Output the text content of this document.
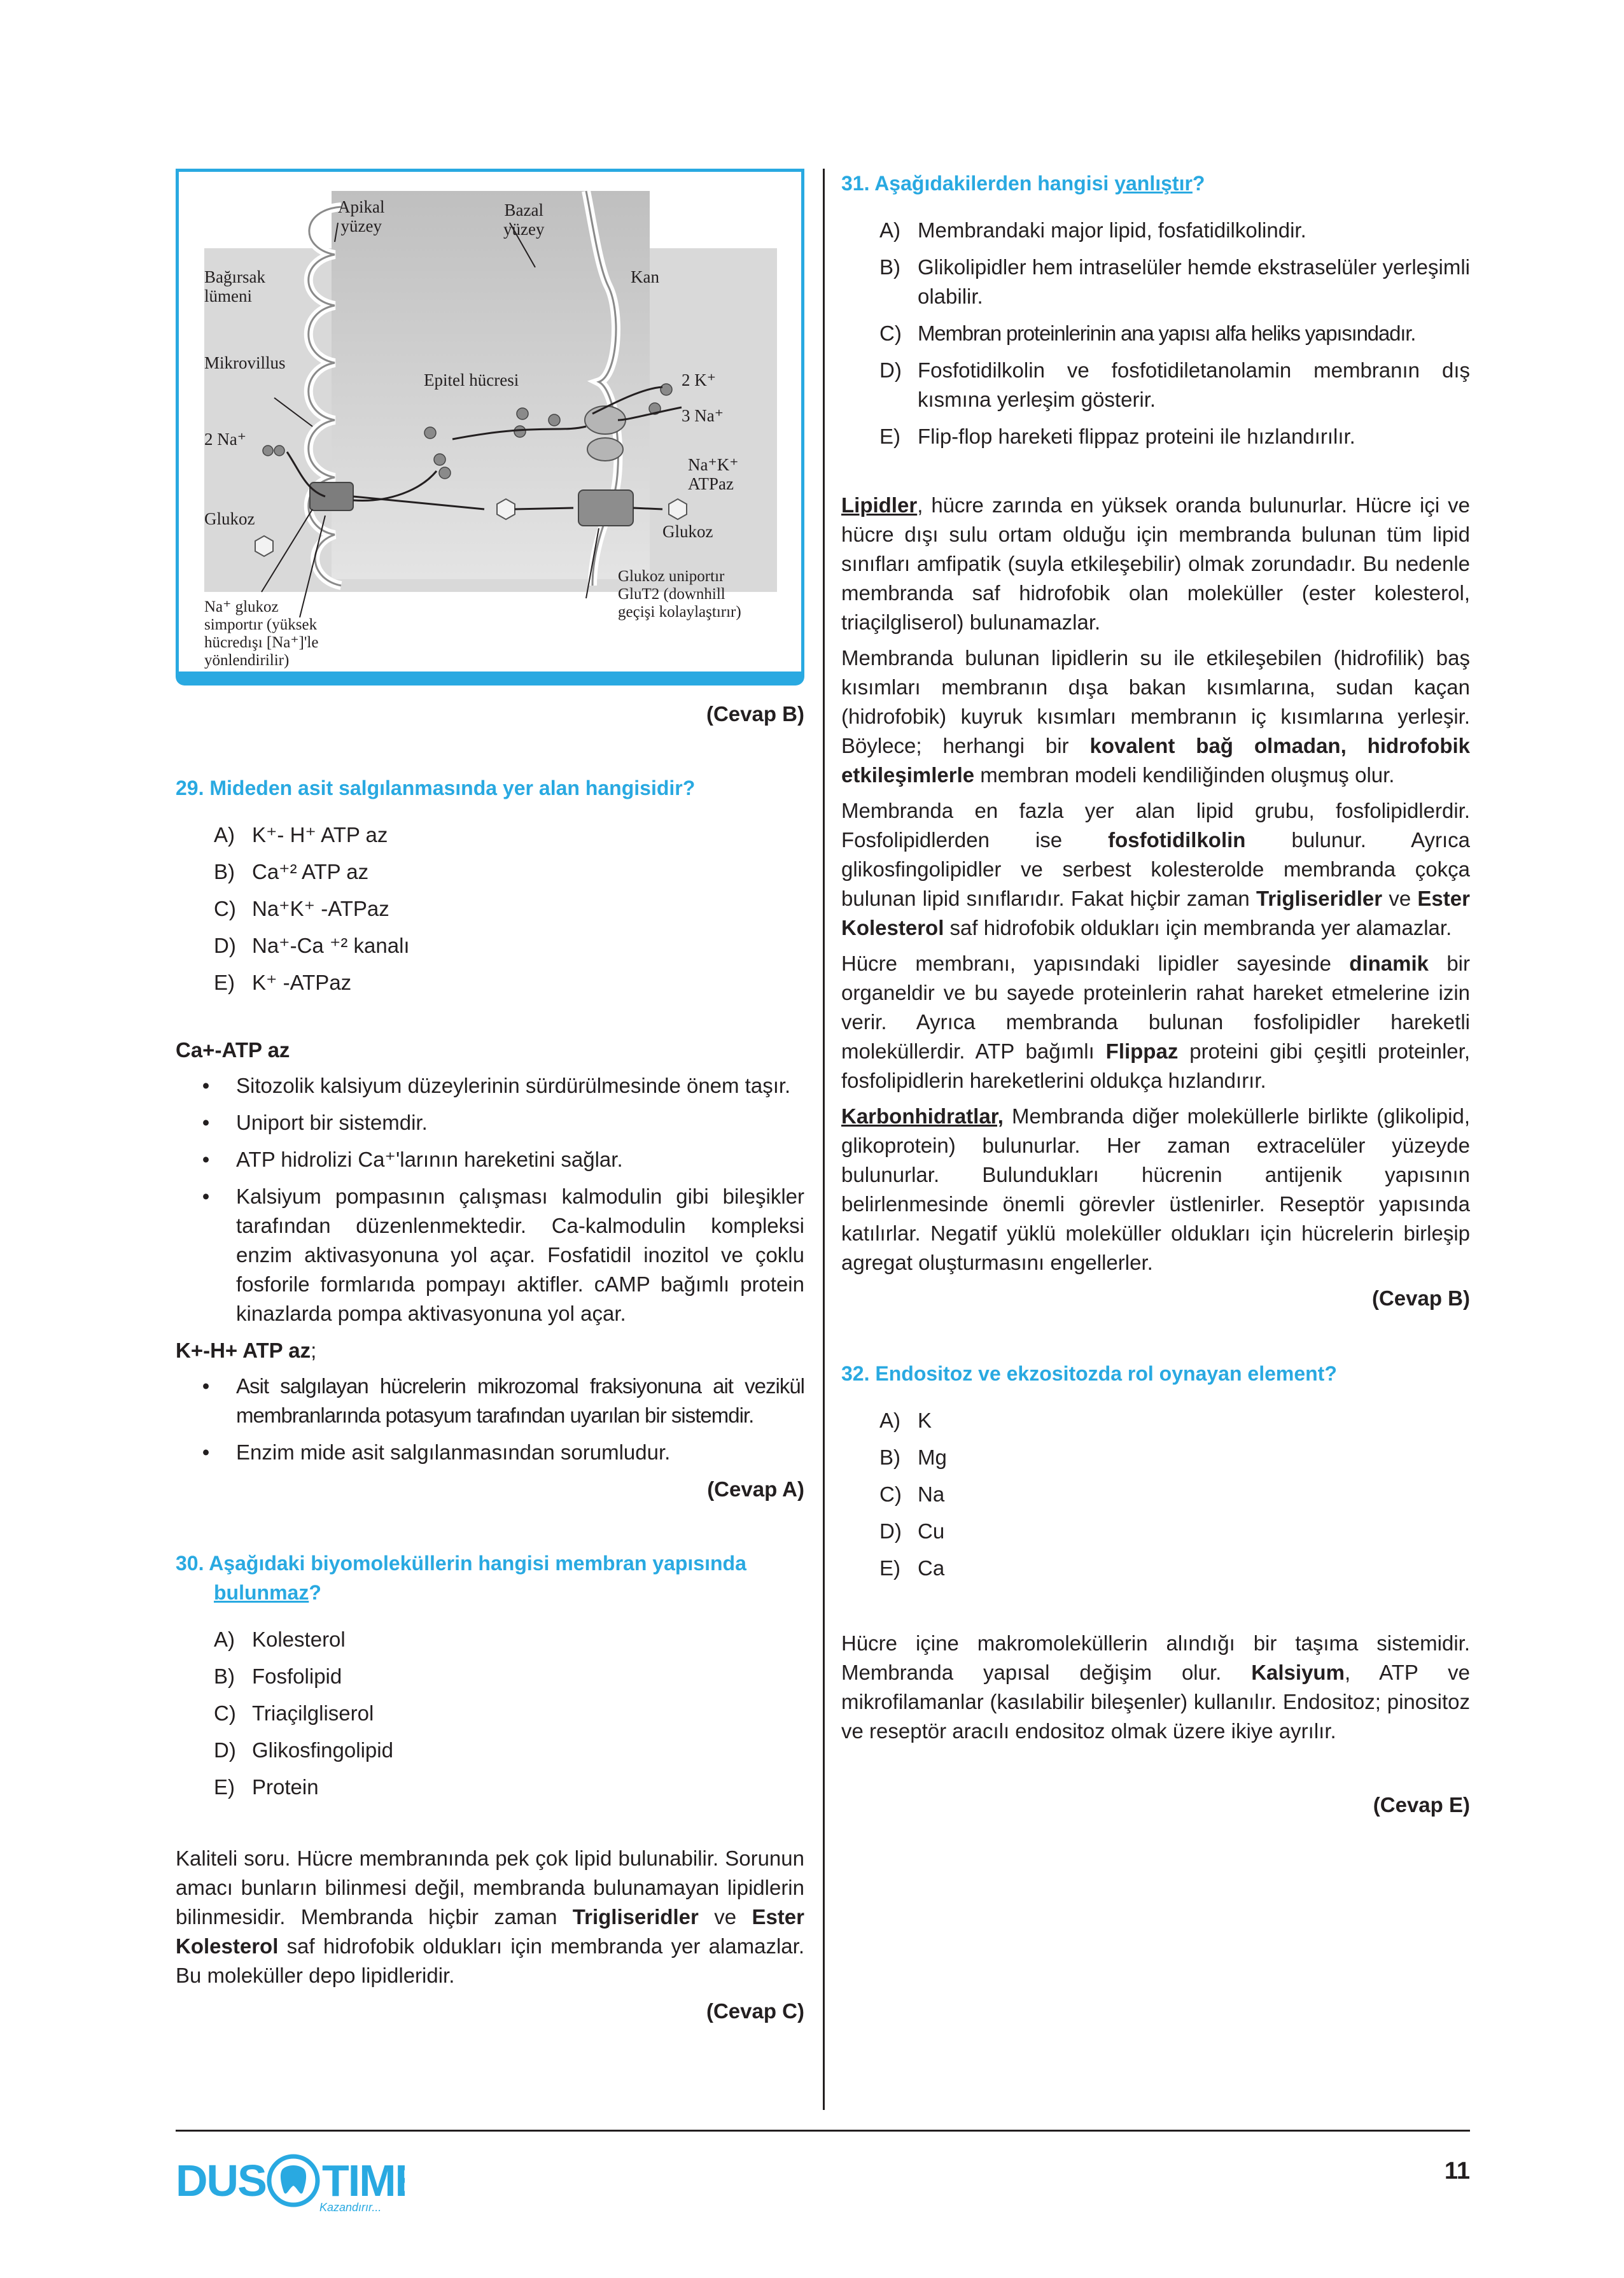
Apikal
yüzey
Bazal
yüzey
Bağırsak
lümeni
Kan
Mikrovillus
Epitel hücresi	2 K⁺
3 Na⁺
2 Na⁺
Na⁺K⁺
ATPaz
Glukoz
Glukoz
Na⁺ glukoz
simportır (yüksek
hücredışı [Na⁺]'le
yönlendirilir)
Glukoz uniportır
GluT2 (downhill
geçişi kolaylaştırır)

(Cevap B)

29. Mideden asit salgılanmasında yer alan hangisidir?

A) K⁺- H⁺ ATP az
B) Ca⁺² ATP az
C) Na⁺K⁺ -ATPaz
D) Na⁺-Ca ⁺² kanalı
E) K⁺ -ATPaz

Ca+-ATP az

•	Sitozolik kalsiyum düzeylerinin sürdürülmesinde önem taşır.
•	Uniport bir sistemdir.
•	ATP hidrolizi Ca⁺'larının hareketini sağlar.
•	Kalsiyum pompasının çalışması kalmodulin gibi bileşikler tarafından düzenlenmektedir. Ca-kalmodulin kompleksi enzim aktivasyonuna yol açar. Fosfatidil inozitol ve çoklu fosforile formlarıda pompayı aktifler. cAMP bağımlı protein kinazlarda pompa aktivasyonuna yol açar.

K+-H+ ATP az;

•	Asit salgılayan hücrelerin mikrozomal fraksiyonuna ait vezikül membranlarında potasyum tarafından uyarılan bir sistemdir.
•	Enzim mide asit salgılanmasından sorumludur.

(Cevap A)

30. Aşağıdaki biyomoleküllerin hangisi membran yapısında bulunmaz?

A) Kolesterol
B) Fosfolipid
C) Triaçilgliserol
D) Glikosfingolipid
E) Protein

Kaliteli soru. Hücre membranında pek çok lipid bulunabilir. Sorunun amacı bunların bilinmesi değil, membranda bulunamayan lipidlerin bilinmesidir. Membranda hiçbir zaman Trigliseridler ve Ester Kolesterol saf hidrofobik oldukları için membranda yer alamazlar. Bu moleküller depo lipidleridir.

(Cevap C)

31. Aşağıdakilerden hangisi yanlıştır?

A) Membrandaki major lipid, fosfatidilkolindir.
B) Glikolipidler hem intraselüler hemde ekstraselüler yerleşimli olabilir.
C) Membran proteinlerinin ana yapısı alfa heliks yapısındadır.
D) Fosfotidilkolin ve fosfotidiletanolamin membranın dış kısmına yerleşim gösterir.
E) Flip-flop hareketi flippaz proteini ile hızlandırılır.

Lipidler, hücre zarında en yüksek oranda bulunurlar. Hücre içi ve hücre dışı sulu ortam olduğu için membranda bulunan tüm lipid sınıfları amfipatik (suyla etkileşebilir) olmak zorundadır. Bu nedenle membranda saf hidrofobik olan moleküller (ester kolesterol, triaçilgliserol) bulunamazlar.

Membranda bulunan lipidlerin su ile etkileşebilen (hidrofilik) baş kısımları membranın dışa bakan kısımlarına, sudan kaçan (hidrofobik) kuyruk kısımları membranın iç kısımlarına yerleşir. Böylece; herhangi bir kovalent bağ olmadan, hidrofobik etkileşimlerle membran modeli kendiliğinden oluşmuş olur.

Membranda en fazla yer alan lipid grubu, fosfolipidlerdir. Fosfolipidlerden ise fosfotidilkolin bulunur. Ayrıca glikosfingolipidler ve serbest kolesterolde membranda çokça bulunan lipid sınıflarıdır. Fakat hiçbir zaman Trigliseridler ve Ester Kolesterol saf hidrofobik oldukları için membranda yer alamazlar.

Hücre membranı, yapısındaki lipidler sayesinde dinamik bir organeldir ve bu sayede proteinlerin rahat hareket etmelerine izin verir. Ayrıca membranda bulunan fosfolipidler hareketli moleküllerdir. ATP bağımlı Flippaz proteini gibi çeşitli proteinler, fosfolipidlerin hareketlerini oldukça hızlandırır.

Karbonhidratlar, Membranda diğer moleküllerle birlikte (glikolipid, glikoprotein) bulunurlar. Her zaman extracelüler yüzeyde bulunurlar. Bulundukları hücrenin antijenik yapısının belirlenmesinde önemli görevler üstlenirler. Reseptör yapısında katılırlar. Negatif yüklü moleküller oldukları için hücrelerin birleşip agregat oluşturmasını engellerler.

(Cevap B)

32. Endositoz ve ekzositozda rol oynayan element?

A) K
B) Mg
C) Na
D) Cu
E) Ca

Hücre içine makromoleküllerin alındığı bir taşıma sistemidir. Membranda yapısal değişim olur. Kalsiyum, ATP ve mikrofilamanlar (kasılabilir bileşenler) kullanılır. Endositoz; pinositoz ve reseptör aracılı endositoz olmak üzere ikiye ayrılır.

(Cevap E)

DUS TIM
Kazandırır...
11
